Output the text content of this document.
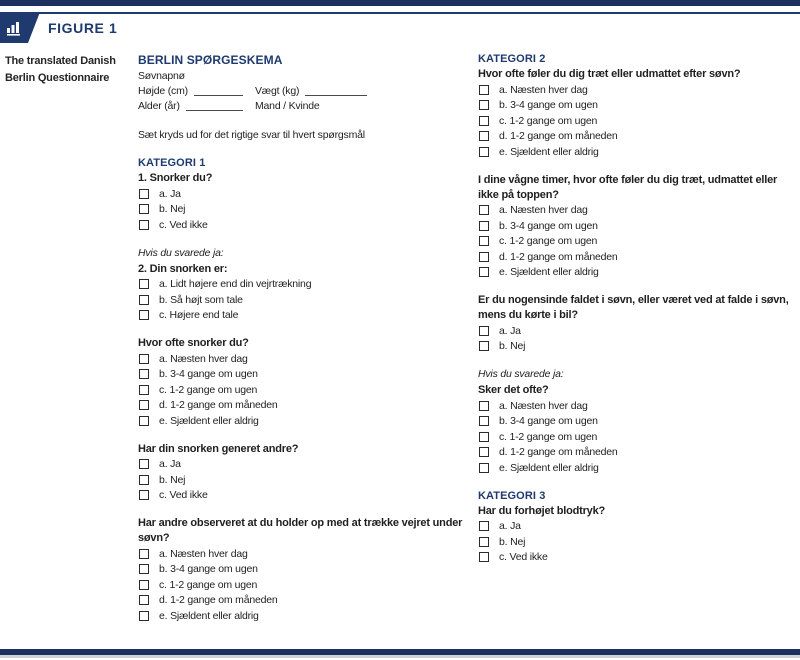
FIGURE 1
The translated Danish
Berlin Questionnaire
BERLIN SPØRGESKEMA
Søvnapnø
Højde (cm)	Vægt (kg)
Alder (år)	Mand / Kvinde
Sæt kryds ud for det rigtige svar til hvert spørgsmål
KATEGORI 1
1. Snorker du?
a. Ja
b. Nej
c. Ved ikke
Hvis du svarede ja:
2. Din snorken er:
a. Lidt højere end din vejrtrækning
b. Så højt som tale
c. Højere end tale
Hvor ofte snorker du?
a. Næsten hver dag
b. 3-4 gange om ugen
c. 1-2 gange om ugen
d. 1-2 gange om måneden
e. Sjældent eller aldrig
Har din snorken generet andre?
a. Ja
b. Nej
c. Ved ikke
Har andre observeret at du holder op med at trække vejret under søvn?
a. Næsten hver dag
b. 3-4 gange om ugen
c. 1-2 gange om ugen
d. 1-2 gange om måneden
e. Sjældent eller aldrig
KATEGORI 2
Hvor ofte føler du dig træt eller udmattet efter søvn?
a. Næsten hver dag
b. 3-4 gange om ugen
c. 1-2 gange om ugen
d. 1-2 gange om måneden
e. Sjældent eller aldrig
I dine vågne timer, hvor ofte føler du dig træt, udmattet eller ikke på toppen?
a. Næsten hver dag
b. 3-4 gange om ugen
c. 1-2 gange om ugen
d. 1-2 gange om måneden
e. Sjældent eller aldrig
Er du nogensinde faldet i søvn, eller været ved at falde i søvn, mens du kørte i bil?
a. Ja
b. Nej
Hvis du svarede ja:
Sker det ofte?
a. Næsten hver dag
b. 3-4 gange om ugen
c. 1-2 gange om ugen
d. 1-2 gange om måneden
e. Sjældent eller aldrig
KATEGORI 3
Har du forhøjet blodtryk?
a. Ja
b. Nej
c. Ved ikke
